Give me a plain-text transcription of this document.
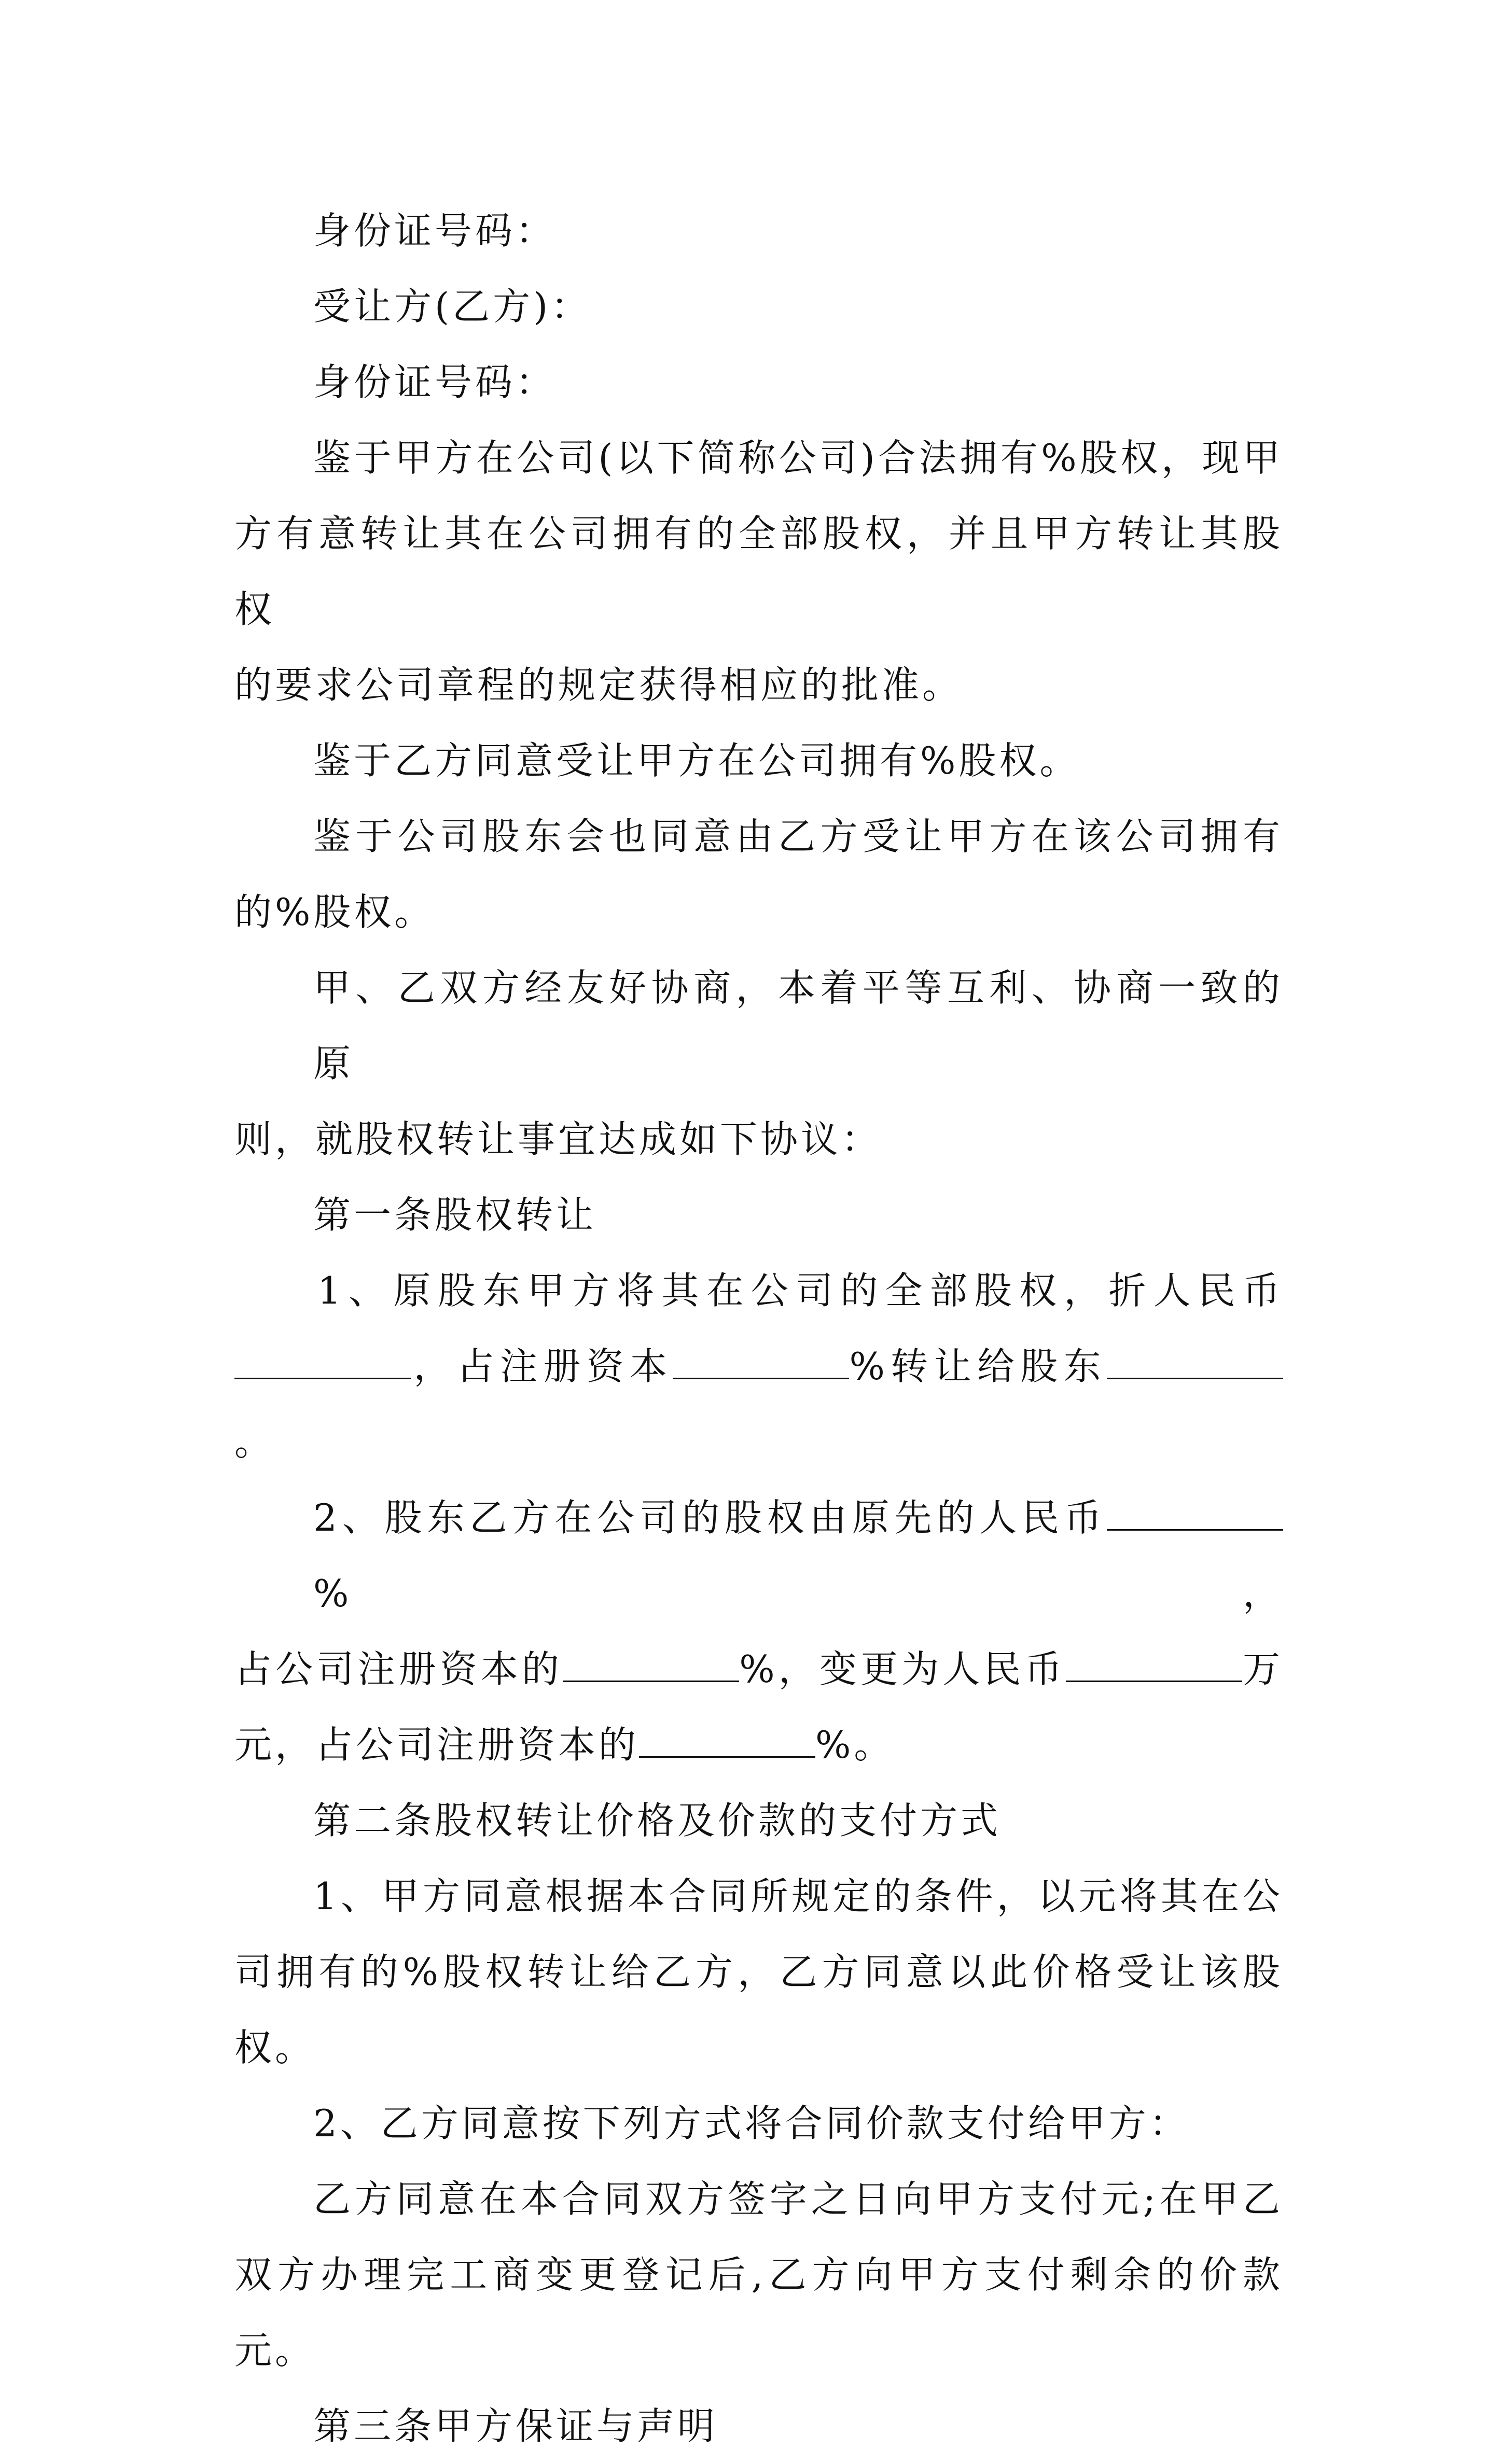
身份证号码：

受让方(乙方)：

身份证号码：

鉴于甲方在公司(以下简称公司)合法拥有%股权，现甲
方有意转让其在公司拥有的全部股权，并且甲方转让其股权
的要求公司章程的规定获得相应的批准。

鉴于乙方同意受让甲方在公司拥有%股权。

鉴于公司股东会也同意由乙方受让甲方在该公司拥有
的%股权。

甲、乙双方经友好协商，本着平等互利、协商一致的原
则，就股权转让事宜达成如下协议：

第一条股权转让

1、原股东甲方将其在公司的全部股权，折人民币
，占注册资本	%转让给股东。

2、股东乙方在公司的股权由原先的人民币%，
占公司注册资本的	%，变更为人民币	万
元，占公司注册资本的	%。

第二条股权转让价格及价款的支付方式

1、甲方同意根据本合同所规定的条件，以元将其在公
司拥有的%股权转让给乙方，乙方同意以此价格受让该股权。

2、乙方同意按下列方式将合同价款支付给甲方：

乙方同意在本合同双方签字之日向甲方支付元;在甲乙
双方办理完工商变更登记后,乙方向甲方支付剩余的价款元。

第三条甲方保证与声明
